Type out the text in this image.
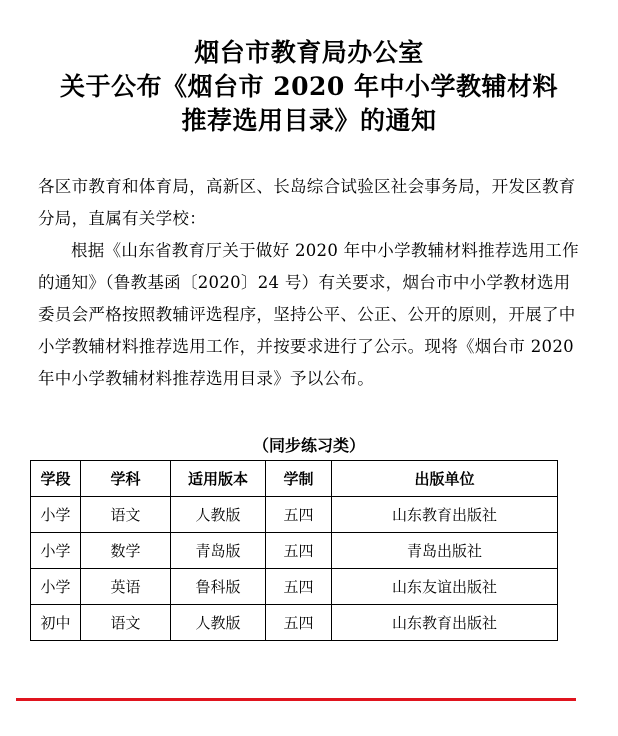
烟台市教育局办公室
关于公布《烟台市 2020 年中小学教辅材料
推荐选用目录》的通知
各区市教育和体育局，高新区、长岛综合试验区社会事务局，开发区教育分局，直属有关学校：
根据《山东省教育厅关于做好 2020 年中小学教辅材料推荐选用工作的通知》（鲁教基函〔2020〕24 号）有关要求，烟台市中小学教材选用委员会严格按照教辅评选程序，坚持公平、公正、公开的原则，开展了中小学教辅材料推荐选用工作，并按要求进行了公示。现将《烟台市 2020 年中小学教辅材料推荐选用目录》予以公布。
（同步练习类）
学段	学科	适用版本	学制	出版单位
小学	语文	人教版	五四	山东教育出版社
小学	数学	青岛版	五四	青岛出版社
小学	英语	鲁科版	五四	山东友谊出版社
初中	语文	人教版	五四	山东教育出版社
